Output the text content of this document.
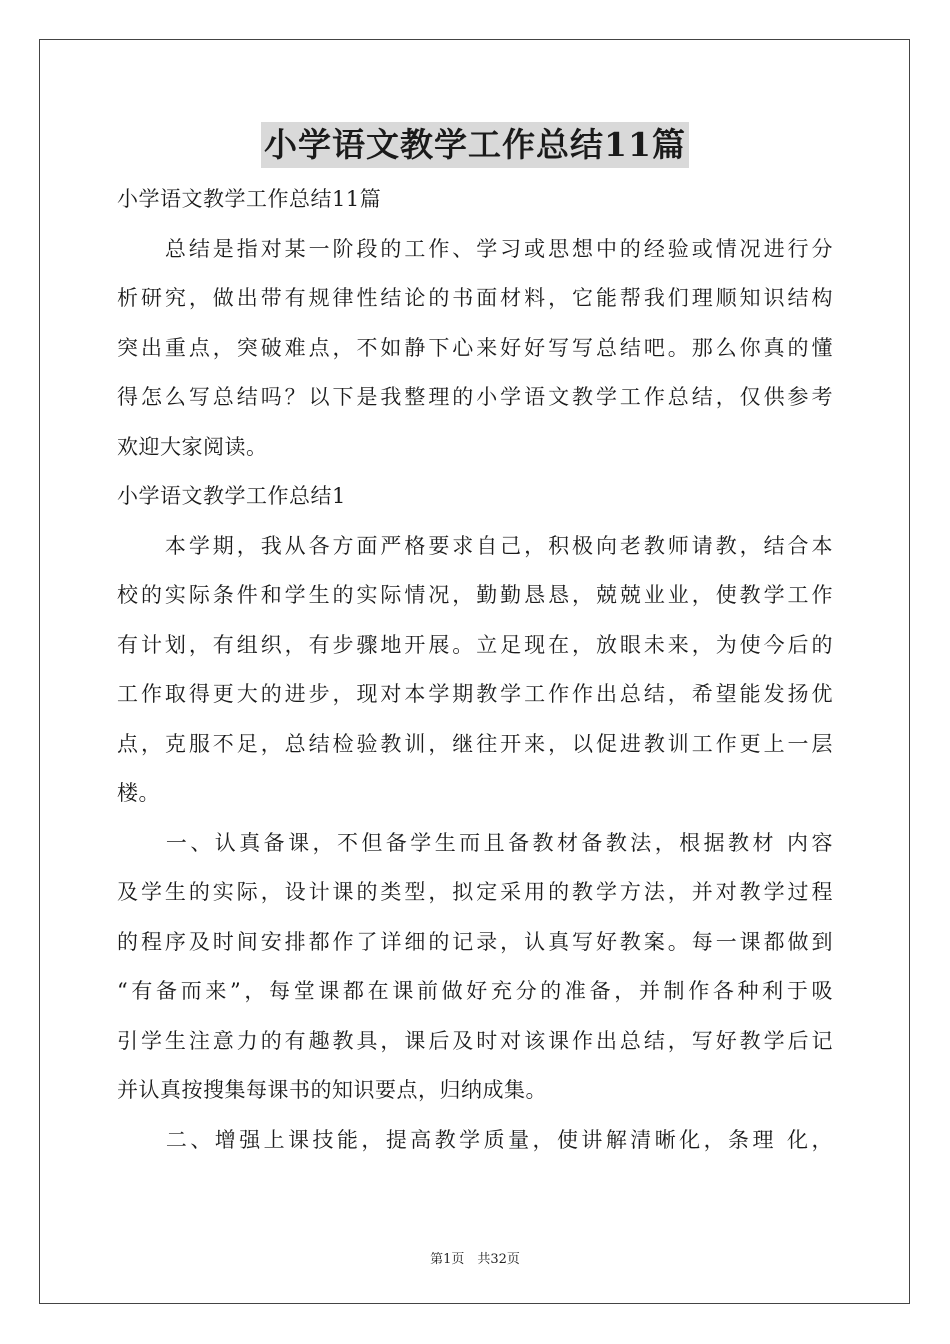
小学语文教学工作总结11篇

小学语文教学工作总结11篇

　　总结是指对某一阶段的工作、学习或思想中的经验或情况进行分

析研究，做出带有规律性结论的书面材料，它能帮我们理顺知识结构

突出重点，突破难点，不如静下心来好好写写总结吧。那么你真的懂

得怎么写总结吗？以下是我整理的小学语文教学工作总结，仅供参考

欢迎大家阅读。

小学语文教学工作总结1

　　本学期，我从各方面严格要求自己，积极向老教师请教，结合本

校的实际条件和学生的实际情况，勤勤恳恳，兢兢业业，使教学工作

有计划，有组织，有步骤地开展。立足现在，放眼未来，为使今后的

工作取得更大的进步，现对本学期教学工作作出总结，希望能发扬优

点，克服不足，总结检验教训，继往开来，以促进教训工作更上一层

楼。

　　一、认真备课，不但备学生而且备教材备教法，根据教材 内容

及学生的实际，设计课的类型，拟定采用的教学方法，并对教学过程

的程序及时间安排都作了详细的记录，认真写好教案。每一课都做到

“有备而来”，每堂课都在课前做好充分的准备，并制作各种利于吸

引学生注意力的有趣教具，课后及时对该课作出总结，写好教学后记

并认真按搜集每课书的知识要点，归纳成集。

　　二、增强上课技能，提高教学质量，使讲解清晰化，条理 化，

第1页　共32页
